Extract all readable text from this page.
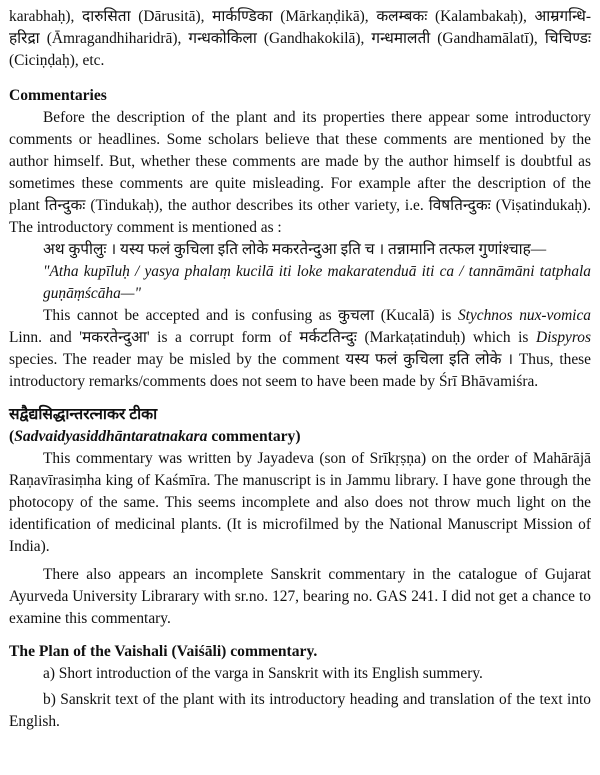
karabhaḥ), दारुसिता (Dārusitā), मार्कण्डिका (Mārkaṇḍikā), कलम्बकः (Kalambakaḥ), आम्रगन्धि-हरिद्रा (Āmragandhiharidrā), गन्धकोकिला (Gandhakokilā), गन्धमालती (Gandhamālatī), चिचिण्डः (Ciciṇḍaḥ), etc.

Commentaries

Before the description of the plant and its properties there appear some introductory comments or headlines. Some scholars believe that these comments are mentioned by the author himself. But, whether these comments are made by the author himself is doubtful as sometimes these comments are quite misleading. For example after the description of the plant तिन्दुकः (Tindukaḥ), the author describes its other variety, i.e. विषतिन्दुकः (Viṣatindukaḥ). The introductory comment is mentioned as :

अथ कुपीलुः । यस्य फलं कुचिला इति लोके मकरतेन्दुआ इति च । तन्नामानि तत्फल गुणांश्चाह—

"Atha kupīluḥ / yasya phalaṃ kucilā iti loke makaratenduā iti ca / tannāmāni tatphala guṇāṃścāha—"

This cannot be accepted and is confusing as कुचला (Kucalā) is Stychnos nux-vomica Linn. and 'मकरतेन्दुआ' is a corrupt form of मर्कटतिन्दुः (Markaṭatinduḥ) which is Dispyros species. The reader may be misled by the comment यस्य फलं कुचिला इति लोके । Thus, these introductory remarks/comments does not seem to have been made by Śrī Bhāvamiśra.

सद्वैद्यसिद्धान्तरत्नाकर टीका
(Sadvaidyasiddhāntaratnakara commentary)

This commentary was written by Jayadeva (son of Srīkṛṣṇa) on the order of Mahārājā Raṇavīrasiṃha king of Kaśmīra. The manuscript is in Jammu library. I have gone through the photocopy of the same. This seems incomplete and also does not throw much light on the identification of medicinal plants. (It is microfilmed by the National Manuscript Mission of India).

There also appears an incomplete Sanskrit commentary in the catalogue of Gujarat Ayurveda University Librarary with sr.no. 127, bearing no. GAS 241. I did not get a chance to examine this commentary.

The Plan of the Vaishali (Vaiśāli) commentary.

a) Short introduction of the varga in Sanskrit with its English summery.

b) Sanskrit text of the plant with its introductory heading and translation of the text into English.
